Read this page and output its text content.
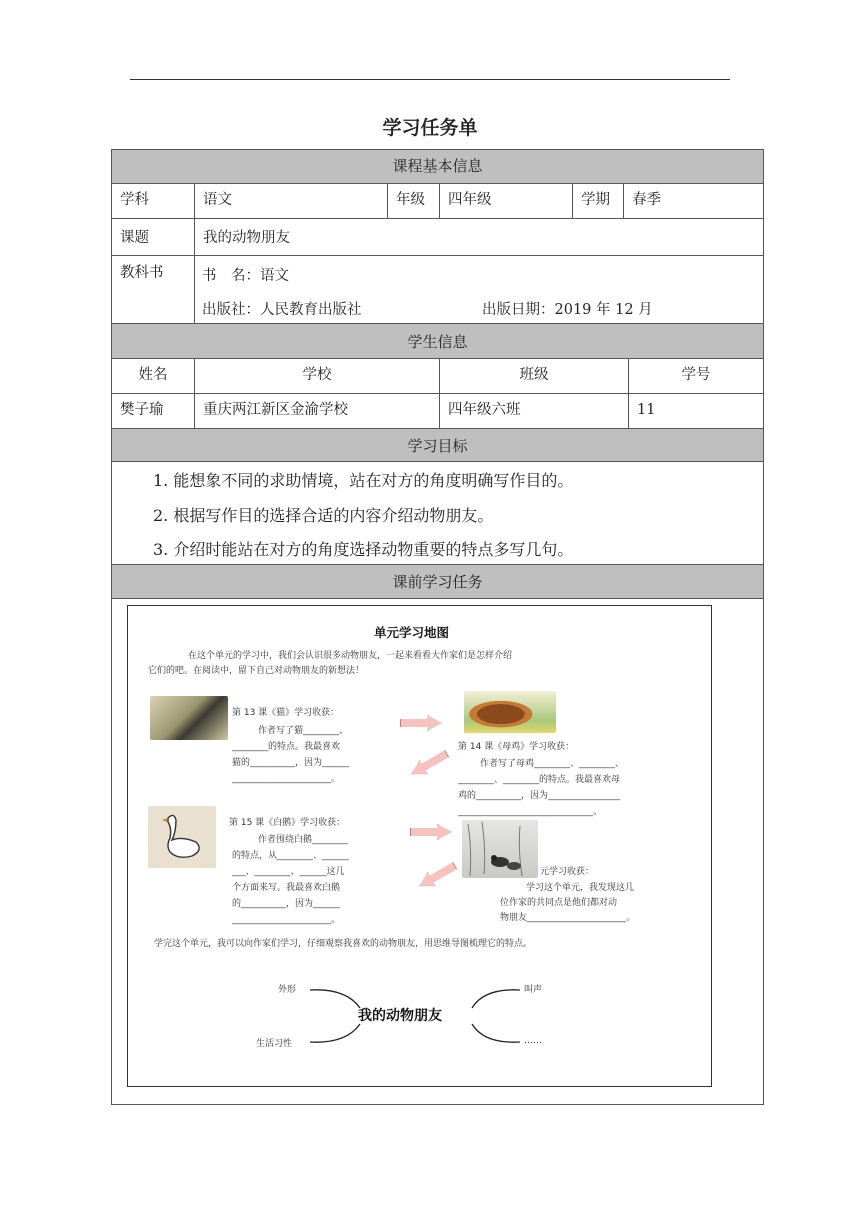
学习任务单
课程基本信息
学科	语文	年级	四年级	学期	春季
课题	我的动物朋友
教科书	书　名：语文
出版社：人民教育出版社	出版日期：2019 年 12 月
学生信息
姓名	学校	班级	学号
樊子瑜	重庆两江新区金渝学校	四年级六班	11
学习目标
1. 能想象不同的求助情境，站在对方的角度明确写作目的。
2. 根据写作目的选择合适的内容介绍动物朋友。
3. 介绍时能站在对方的角度选择动物重要的特点多写几句。
课前学习任务
单元学习地图
在这个单元的学习中，我们会认识很多动物朋友，一起来看看大作家们是怎样介绍
它们的吧。在阅读中，留下自己对动物朋友的新想法！
第 13 课《猫》学习收获：
作者写了猫________、
________的特点。我最喜欢
猫的__________，因为______
______________________。
第 14 课《母鸡》学习收获：
作者写了母鸡________、________、
________、________的特点。我最喜欢母
鸡的__________，因为________________
______________________________。
第 15 课《白鹅》学习收获：
作者围绕白鹅________
的特点，从________、______
___、________、______这几
个方面来写。我最喜欢白鹅
的__________，因为______
______________________。
元学习收获：
学习这个单元，我发现这几
位作家的共同点是他们都对动
物朋友______________________。
学完这个单元，我可以向作家们学习，仔细观察我喜欢的动物朋友，用思维导图梳理它的特点。
我的动物朋友
外形	叫声
生活习性	……
